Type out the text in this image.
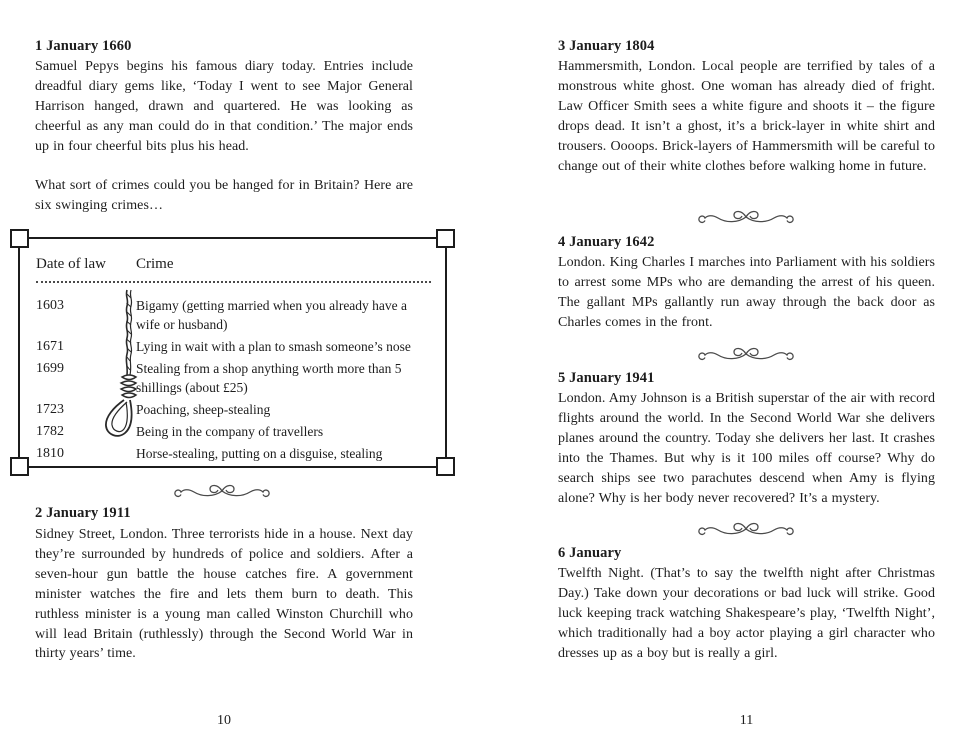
1 January 1660

Samuel Pepys begins his famous diary today. Entries include dreadful diary gems like, ‘Today I went to see Major General Harrison hanged, drawn and quartered. He was looking as cheerful as any man could do in that condition.’ The major ends up in four cheerful bits plus his head.

What sort of crimes could you be hanged for in Britain? Here are six swinging crimes…

Date of law	Crime
1603	Bigamy (getting married when you already have a wife or husband)
1671	Lying in wait with a plan to smash someone’s nose
1699	Stealing from a shop anything worth more than 5 shillings (about £25)
1723	Poaching, sheep-stealing
1782	Being in the company of travellers
1810	Horse-stealing, putting on a disguise, stealing
2 January 1911

Sidney Street, London. Three terrorists hide in a house. Next day they’re surrounded by hundreds of police and soldiers. After a seven-hour gun battle the house catches fire. A government minister watches the fire and lets them burn to death. This ruthless minister is a young man called Winston Churchill who will lead Britain (ruthlessly) through the Second World War in thirty years’ time.

10

3 January 1804

Hammersmith, London. Local people are terrified by tales of a monstrous white ghost. One woman has already died of fright. Law Officer Smith sees a white figure and shoots it – the figure drops dead. It isn’t a ghost, it’s a brick-layer in white shirt and trousers. Oooops. Brick-layers of Hammersmith will be careful to change out of their white clothes before walking home in future.

4 January 1642

London. King Charles I marches into Parliament with his soldiers to arrest some MPs who are demanding the arrest of his queen. The gallant MPs gallantly run away through the back door as Charles comes in the front.

5 January 1941

London. Amy Johnson is a British superstar of the air with record flights around the world. In the Second World War she delivers planes around the country. Today she delivers her last. It crashes into the Thames. But why is it 100 miles off course? Why do search ships see two parachutes descend when Amy is flying alone? Why is her body never recovered? It’s a mystery.

6 January

Twelfth Night. (That’s to say the twelfth night after Christmas Day.) Take down your decorations or bad luck will strike. Good luck keeping track watching Shakespeare’s play, ‘Twelfth Night’, which traditionally had a boy actor playing a girl character who dresses up as a boy but is really a girl.

11
